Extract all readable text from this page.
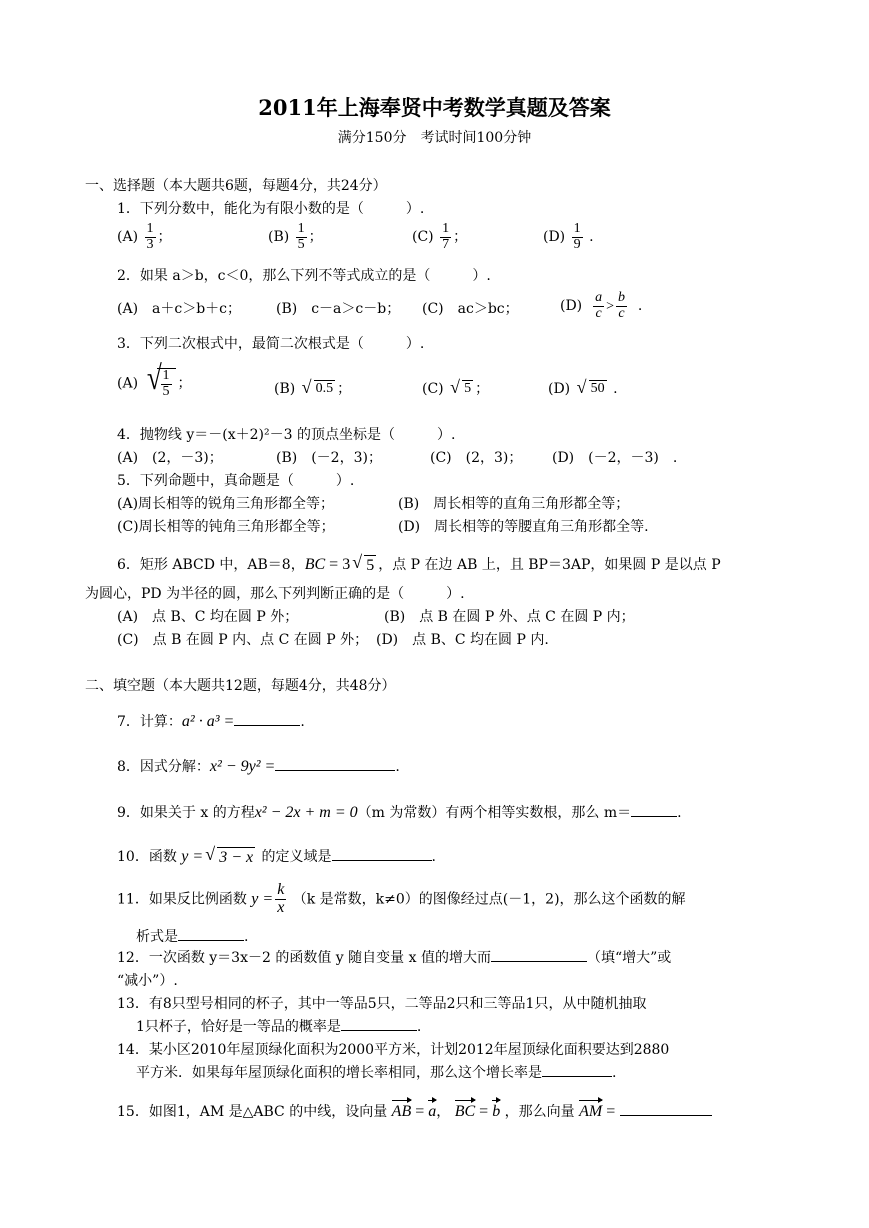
2011年上海奉贤中考数学真题及答案
满分150分　考试时间100分钟
一、选择题（本大题共6题，每题4分，共24分）
1．下列分数中，能化为有限小数的是（　　　）.
$(A) \frac{1}{3}$ ；	$(B) \frac{1}{5}$ ；	$(C) \frac{1}{7}$ ；	$(D) \frac{1}{9}$ .
2．如果 a＞b，c＜0，那么下列不等式成立的是（　　　）.
(A)　a＋c＞b＋c； (B)　c－a＞c－b； (C)　ac＞bc；	$(D) \frac{a}{c} > \frac{b}{c}$ .
3．下列二次根式中，最简二次根式是（　　　）.
(A) √ $\frac{1}{5}$ ；	(B) √ 0.5 ；	(C) √ 5 ；	(D) √ 50 .
4．抛物线 y＝－(x＋2)²－3 的顶点坐标是（　　　）.
(A)　(2，－3)；	(B)　(－2，3)；	(C)　(2，3)； (D)　(－2，－3)　.
5．下列命题中，真命题是（　　　）.
(A)周长相等的锐角三角形都全等；	(B)　周长相等的直角三角形都全等；
(C)周长相等的钝角三角形都全等；	(D)　周长相等的等腰直角三角形都全等.
6．矩形 ABCD 中，AB＝8，BC = 3 √ 5 ，点 P 在边 AB 上，且 BP＝3AP，如果圆 P 是以点 P
为圆心，PD 为半径的圆，那么下列判断正确的是（　　　）.
(A)　点 B、C 均在圆 P 外；	(B)　点 B 在圆 P 外、点 C 在圆 P 内；
(C)　点 B 在圆 P 内、点 C 在圆 P 外； (D)　点 B、C 均在圆 P 内.
二、填空题（本大题共12题，每题4分，共48分）
7．计算：a² · a³ =	.
8．因式分解：x² − 9y² =	.
9．如果关于 x 的方程x² − 2x + m = 0（m 为常数）有两个相等实数根，那么 m＝	.
10．函数 y = √ 3 − x 的定义域是	.
11．如果反比例函数 $y = \frac{k}{x} (k$ 是常数，k≠0）的图像经过点(－1，2)，那么这个函数的解
析式是	.
12．一次函数 y＝3x－2 的函数值 y 随自变量 x 值的增大而	（填“增大”或
“减小”）.
13．有8只型号相同的杯子，其中一等品5只，二等品2只和三等品1只，从中随机抽取
1只杯子，恰好是一等品的概率是	.
14．某小区2010年屋顶绿化面积为2000平方米，计划2012年屋顶绿化面积要达到2880
平方米．如果每年屋顶绿化面积的增长率相同，那么这个增长率是	.
15．如图1，AM 是△ABC 的中线，设向量 AB = a， BC = b ，那么向量 AM =
